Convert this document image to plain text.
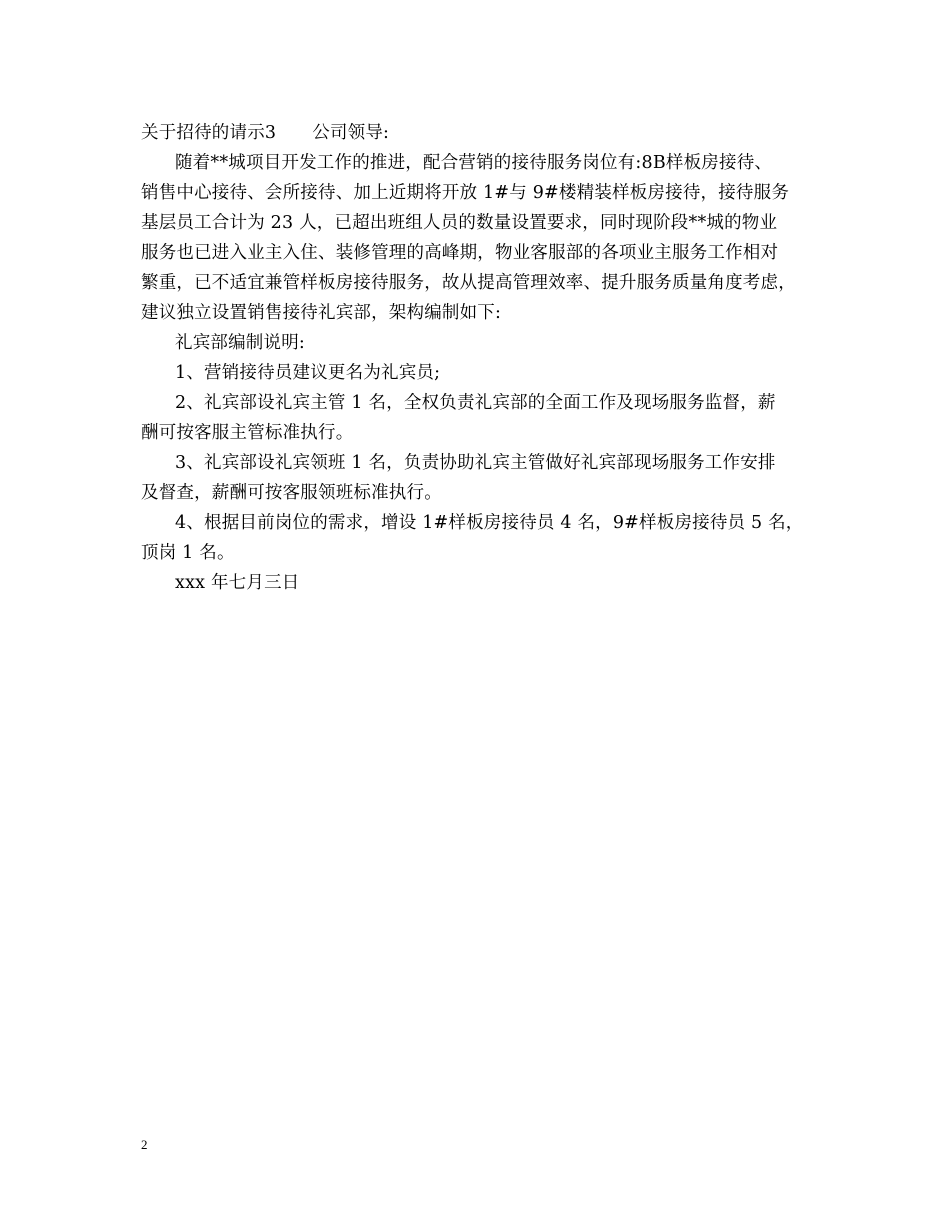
关于招待的请示3 公司领导:

随着**城项目开发工作的推进，配合营销的接待服务岗位有:8B样板房接待、

销售中心接待、会所接待、加上近期将开放 1#与 9#楼精装样板房接待，接待服务

基层员工合计为 23 人，已超出班组人员的数量设置要求，同时现阶段**城的物业

服务也已进入业主入住、装修管理的高峰期，物业客服部的各项业主服务工作相对

繁重，已不适宜兼管样板房接待服务，故从提高管理效率、提升服务质量角度考虑，

建议独立设置销售接待礼宾部，架构编制如下:

礼宾部编制说明:

1、营销接待员建议更名为礼宾员;

2、礼宾部设礼宾主管 1 名，全权负责礼宾部的全面工作及现场服务监督，薪

酬可按客服主管标准执行。

3、礼宾部设礼宾领班 1 名，负责协助礼宾主管做好礼宾部现场服务工作安排

及督查，薪酬可按客服领班标准执行。

4、根据目前岗位的需求，增设 1#样板房接待员 4 名，9#样板房接待员 5 名，

顶岗 1 名。

xxx 年七月三日

2
